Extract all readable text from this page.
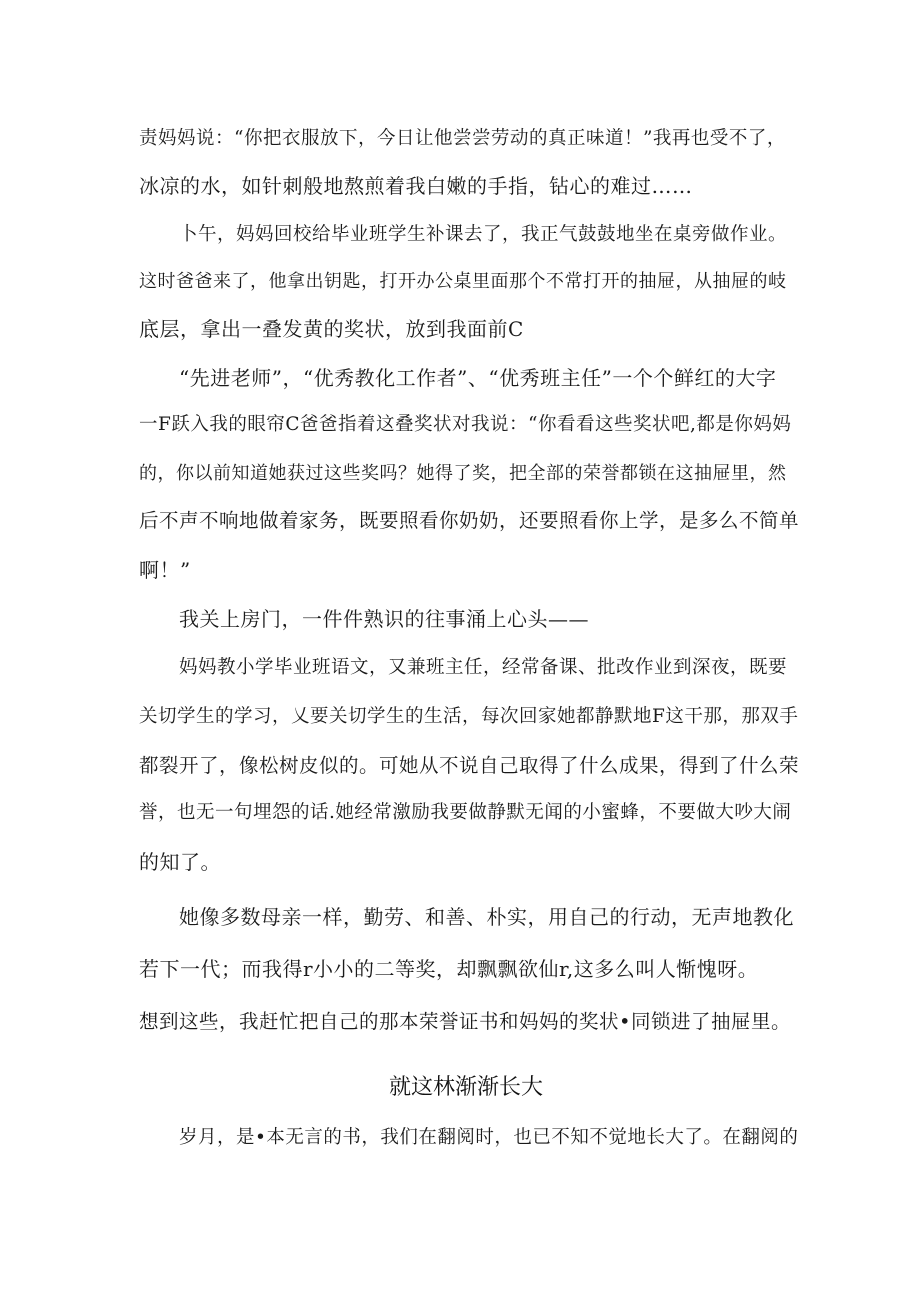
责妈妈说：“你把衣服放下，今日让他尝尝劳动的真正味道！”我再也受不了，
冰凉的水，如针刺般地熬煎着我白嫩的手指，钻心的难过……
卜午，妈妈回校给毕业班学生补课去了，我正气鼓鼓地坐在桌旁做作业。
这时爸爸来了，他拿出钥匙，打开办公桌里面那个不常打开的抽屉，从抽屉的岐
底层，拿出一叠发黄的奖状，放到我面前C
“先进老师”，“优秀教化工作者”、“优秀班主任”一个个鲜红的大字
一F跃入我的眼帘C爸爸指着这叠奖状对我说：“你看看这些奖状吧,都是你妈妈
的，你以前知道她获过这些奖吗？她得了奖，把全部的荣誉都锁在这抽屉里，然
后不声不响地做着家务，既要照看你奶奶，还要照看你上学，是多么不简单
啊！”
我关上房门，一件件熟识的往事涌上心头——
妈妈教小学毕业班语文，又兼班主任，经常备课、批改作业到深夜，既要
关切学生的学习，乂要关切学生的生活，每次回家她都静默地F这干那，那双手
都裂开了，像松树皮似的。可她从不说自己取得了什么成果，得到了什么荣
誉，也无一句埋怨的话.她经常激励我要做静默无闻的小蜜蜂，不要做大吵大闹
的知了。
她像多数母亲一样，勤劳、和善、朴实，用自己的行动，无声地教化
若下一代；而我得r小小的二等奖，却飘飘欲仙r,这多么叫人惭愧呀。
想到这些，我赶忙把自己的那本荣誉证书和妈妈的奖状•同锁进了抽屉里。
就这林渐渐长大
岁月，是•本无言的书，我们在翻阅时，也已不知不觉地长大了。在翻阅的
